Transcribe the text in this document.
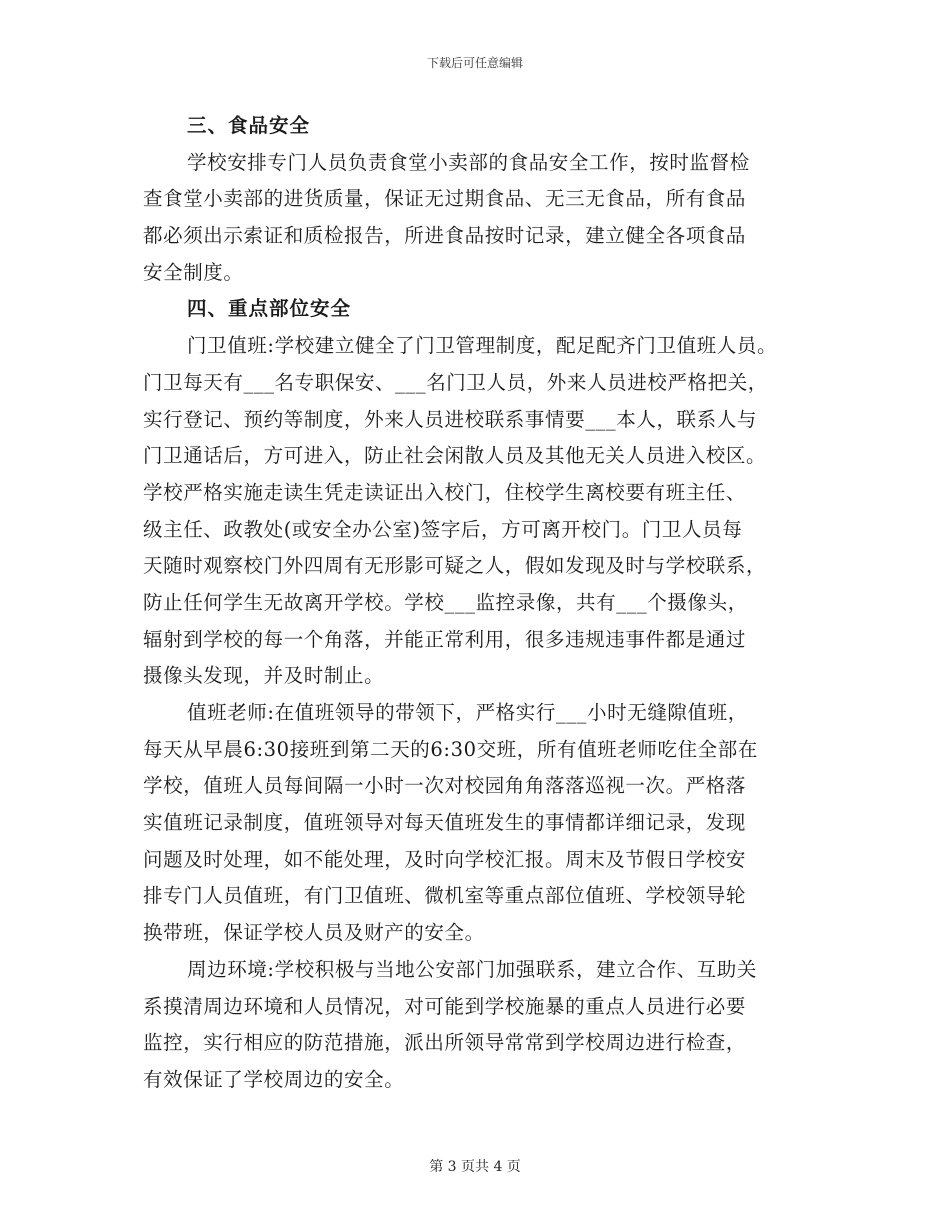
下载后可任意编辑
三、食品安全
学校安排专门人员负责食堂小卖部的食品安全工作，按时监督检
查食堂小卖部的进货质量，保证无过期食品、无三无食品，所有食品
都必须出示索证和质检报告，所进食品按时记录，建立健全各项食品
安全制度。
四、重点部位安全
门卫值班:学校建立健全了门卫管理制度，配足配齐门卫值班人员。
门卫每天有___名专职保安、___名门卫人员，外来人员进校严格把关，
实行登记、预约等制度，外来人员进校联系事情要___本人，联系人与
门卫通话后，方可进入，防止社会闲散人员及其他无关人员进入校区。
学校严格实施走读生凭走读证出入校门，住校学生离校要有班主任、
级主任、政教处(或安全办公室)签字后，方可离开校门。门卫人员每
天随时观察校门外四周有无形影可疑之人，假如发现及时与学校联系，
防止任何学生无故离开学校。学校___监控录像，共有___个摄像头，
辐射到学校的每一个角落，并能正常利用，很多违规违事件都是通过
摄像头发现，并及时制止。
值班老师:在值班领导的带领下，严格实行___小时无缝隙值班，
每天从早晨6:30接班到第二天的6:30交班，所有值班老师吃住全部在
学校，值班人员每间隔一小时一次对校园角角落落巡视一次。严格落
实值班记录制度，值班领导对每天值班发生的事情都详细记录，发现
问题及时处理，如不能处理，及时向学校汇报。周末及节假日学校安
排专门人员值班，有门卫值班、微机室等重点部位值班、学校领导轮
换带班，保证学校人员及财产的安全。
周边环境:学校积极与当地公安部门加强联系，建立合作、互助关
系摸清周边环境和人员情况，对可能到学校施暴的重点人员进行必要
监控，实行相应的防范措施，派出所领导常常到学校周边进行检查，
有效保证了学校周边的安全。
第 3 页共 4 页
